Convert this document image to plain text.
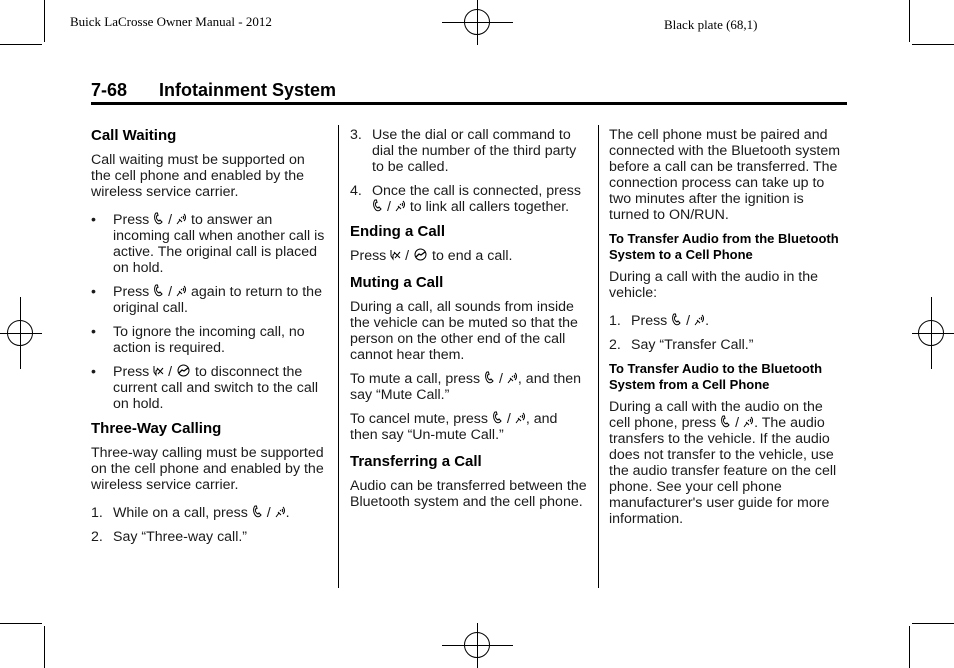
Buick LaCrosse Owner Manual - 2012	Black plate (68,1)
7-68 Infotainment System
Call Waiting

Call waiting must be supported on the cell phone and enabled by the wireless service carrier.

• Press / to answer an incoming call when another call is active. The original call is placed on hold.
• Press / again to return to the original call.
• To ignore the incoming call, no action is required.
• Press / to disconnect the current call and switch to the call on hold.
Three-Way Calling

Three-way calling must be supported on the cell phone and enabled by the wireless service carrier.

1. While on a call, press / .
2. Say “Three-way call.”
3. Use the dial or call command to dial the number of the third party to be called.
4. Once the call is connected, press
/ to link all callers together.
Ending a Call

Press / to end a call.

Muting a Call

During a call, all sounds from inside the vehicle can be muted so that the person on the other end of the call cannot hear them.

To mute a call, press / , and then say “Mute Call.”

To cancel mute, press / , and then say “Un-mute Call.”

Transferring a Call

Audio can be transferred between the Bluetooth system and the cell phone.

The cell phone must be paired and connected with the Bluetooth system before a call can be transferred. The connection process can take up to two minutes after the ignition is turned to ON/RUN.

To Transfer Audio from the Bluetooth System to a Cell Phone

During a call with the audio in the vehicle:

1. Press / .
2. Say “Transfer Call.”
To Transfer Audio to the Bluetooth System from a Cell Phone

During a call with the audio on the cell phone, press / . The audio transfers to the vehicle. If the audio does not transfer to the vehicle, use the audio transfer feature on the cell phone. See your cell phone manufacturer's user guide for more information.
